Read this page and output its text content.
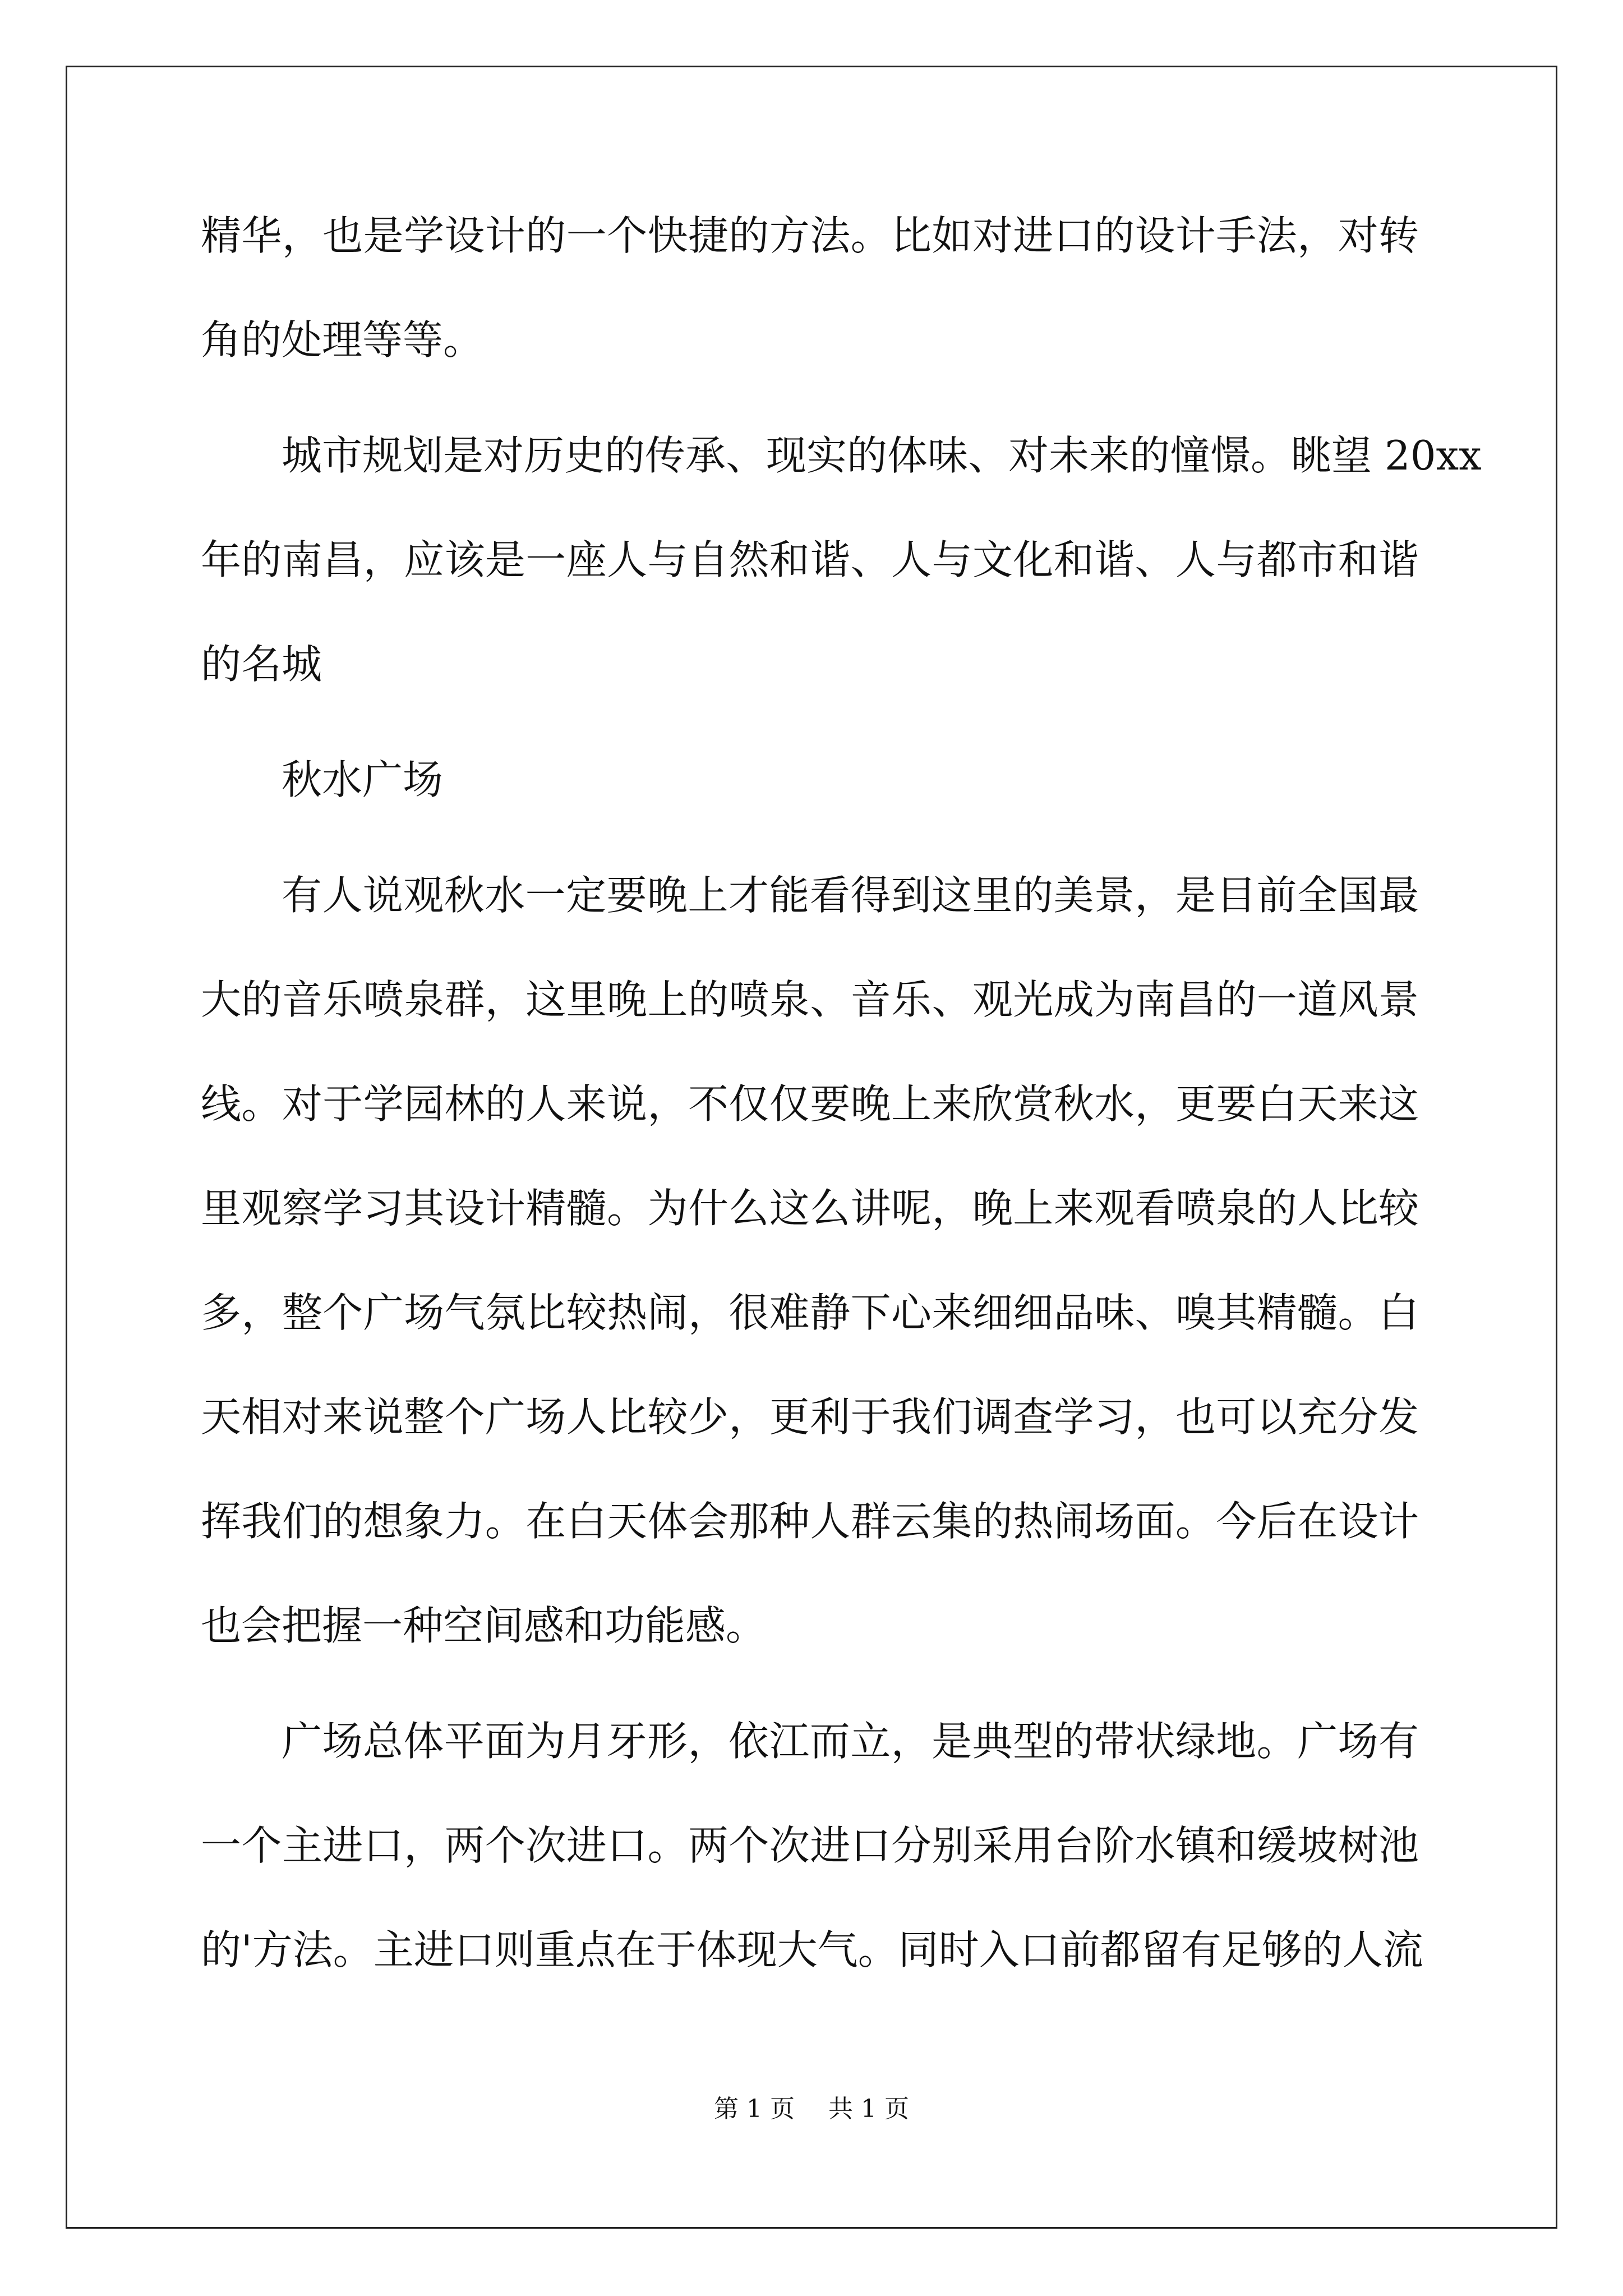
精华，也是学设计的一个快捷的方法。比如对进口的设计手法，对转
角的处理等等。
城市规划是对历史的传承、现实的体味、对未来的憧憬。眺望 20xx
年的南昌，应该是一座人与自然和谐、人与文化和谐、人与都市和谐
的名城
秋水广场
有人说观秋水一定要晚上才能看得到这里的美景，是目前全国最
大的音乐喷泉群，这里晚上的喷泉、音乐、观光成为南昌的一道风景
线。对于学园林的人来说，不仅仅要晚上来欣赏秋水，更要白天来这
里观察学习其设计精髓。为什么这么讲呢，晚上来观看喷泉的人比较
多，整个广场气氛比较热闹，很难静下心来细细品味、嗅其精髓。白
天相对来说整个广场人比较少，更利于我们调查学习，也可以充分发
挥我们的想象力。在白天体会那种人群云集的热闹场面。今后在设计
也会把握一种空间感和功能感。
广场总体平面为月牙形，依江而立，是典型的带状绿地。广场有
一个主进口，两个次进口。两个次进口分别采用台阶水镇和缓坡树池
的'方法。主进口则重点在于体现大气。同时入口前都留有足够的人流
第 1 页 共 1 页
